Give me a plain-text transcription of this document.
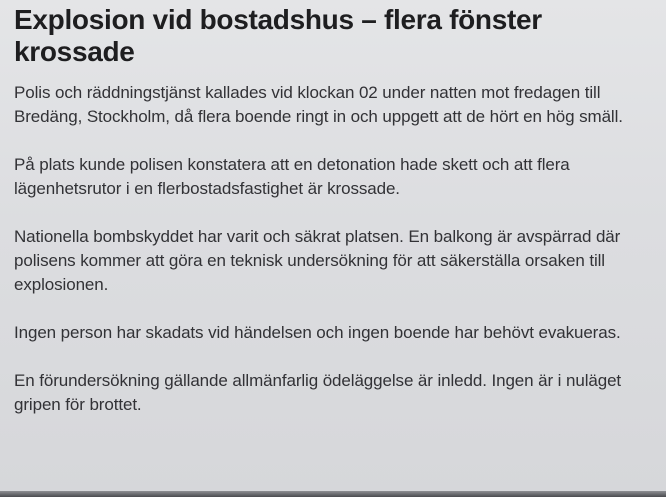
Explosion vid bostadshus – flera fönster krossade

Polis och räddningstjänst kallades vid klockan 02 under natten mot fredagen till Bredäng, Stockholm, då flera boende ringt in och uppgett att de hört en hög smäll.

På plats kunde polisen konstatera att en detonation hade skett och att flera lägenhetsrutor i en flerbostadsfastighet är krossade.

Nationella bombskyddet har varit och säkrat platsen. En balkong är avspärrad där polisens kommer att göra en teknisk undersökning för att säkerställa orsaken till explosionen.

Ingen person har skadats vid händelsen och ingen boende har behövt evakueras.

En förundersökning gällande allmänfarlig ödeläggelse är inledd. Ingen är i nuläget gripen för brottet.
